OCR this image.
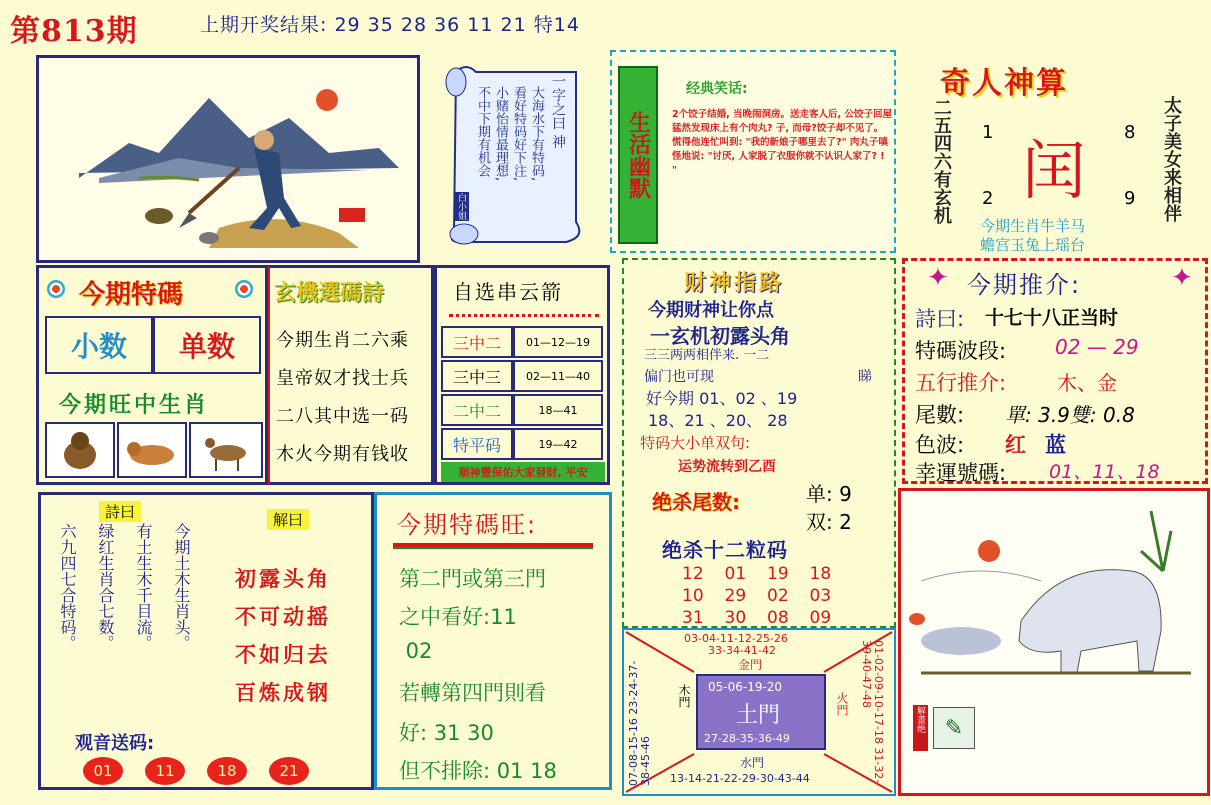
第813期	上期开奖结果: 29 35 28 36 11 21 特14
一字之曰 神
大海水下有特码,
看好特码好下注,
小赌怡情最理想,
不中下期有机会
白小姐
生活幽默
经典笑话:
2个饺子结婚, 当晚闹洞房。送走客人后, 公饺子回屋猛然发现床上有个肉丸? 子, 而母?饺子却不见了。慌得他连忙叫到: "我的新娘子哪里去了?" 肉丸子嗔怪地说: "讨厌, 人家脱了衣服你就不认识人家了? ! "
奇人神算
二五四六有玄机	太子美女来相伴
1
2
8
9
闰
今期生肖牛羊马
蟾宫玉兔上瑶台
今期特碼
小数 单数
今期旺中生肖
玄機選碼詩
今期生肖二六乘
皇帝奴才找士兵
二八其中选一码
木火今期有钱收
自选串云箭
三中二 01—12—19
三中三 02—11—40
二中二	18—41
特平码	19—42
顺神豐保佑大家發財, 平安
财神指路
今期财神让你点
一玄机初露头角
三三两两相伴来. 一二
偏门也可现	睇
好今期 01、02 、19
18、21 、20、 28
特码大小单双句:
运势流转到乙酉
绝杀尾数:	单: 9
双: 2
绝杀十二粒码
12	01	19	18
10	29	02	03
31	30	08	09
✦ 今期推介:	✦
詩曰: 十七十八正当时
特碼波段: 02 — 29
五行推介:	木、金
尾數: 單: 3.9雙: 0.8
色波: 红 蓝
幸運號碼: 01、11、18
解畫绝 ✎
詩曰
今期土木生肖头。
有土生木千目流。
绿红生肖合七数。
六九四七合特码。
解曰
初露头角
不可动摇
不如归去
百炼成钢
观音送码:
01	11	18	21
今期特碼旺:
第二門或第三門
之中看好:11
02
若轉第四門則看
好: 31 30
但不排除: 01 18
03-04-11-12-25-26
33-34-41-42
金門
07-08-15-16 23-24-37-38-45-46
木門 05-06-19-20
土門
27-28-35-36-49
火門	01-02-09-10-17-18 31-32-39-40-47-48
水門
13-14-21-22-29-30-43-44
